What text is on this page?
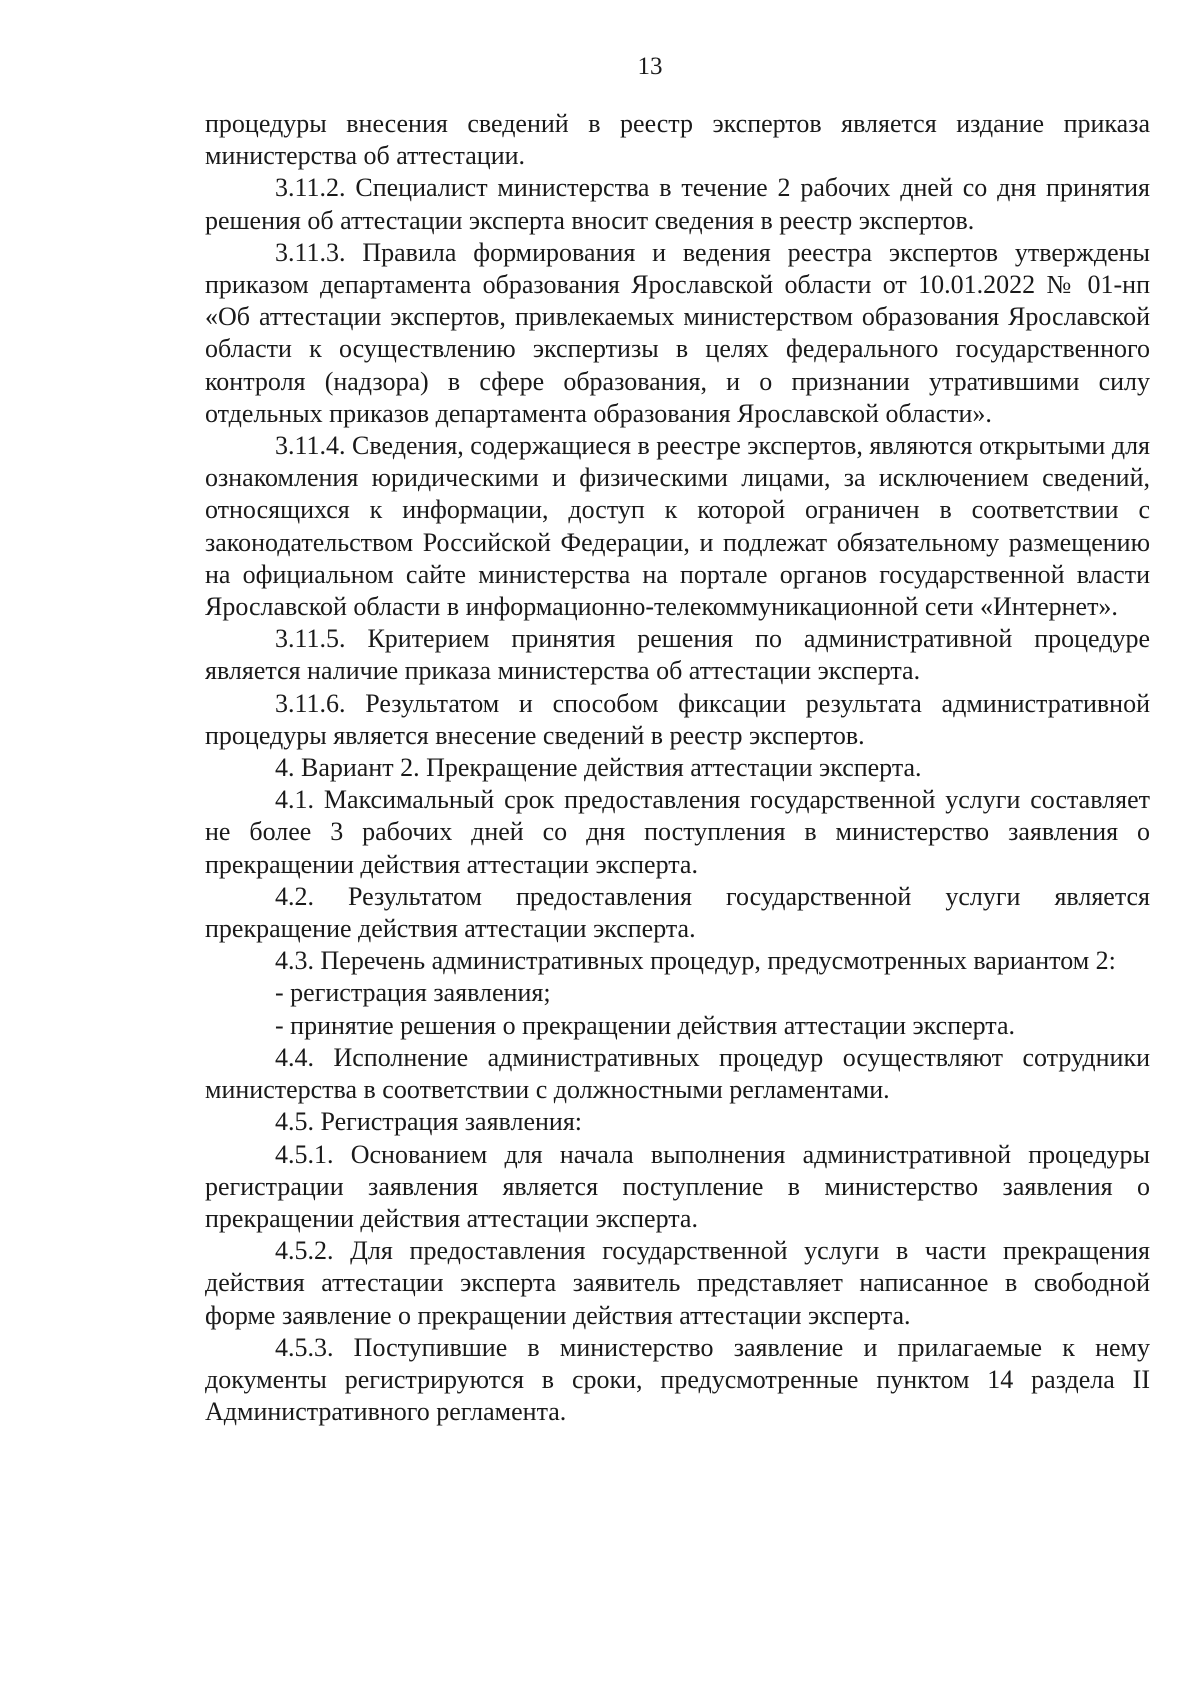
13

процедуры внесения сведений в реестр экспертов является издание приказа министерства об аттестации.

3.11.2. Специалист министерства в течение 2 рабочих дней со дня принятия решения об аттестации эксперта вносит сведения в реестр экспертов.

3.11.3. Правила формирования и ведения реестра экспертов утверждены приказом департамента образования Ярославской области от 10.01.2022 № 01-нп «Об аттестации экспертов, привлекаемых министерством образования Ярославской области к осуществлению экспертизы в целях федерального государственного контроля (надзора) в сфере образования, и о признании утратившими силу отдельных приказов департамента образования Ярославской области».

3.11.4. Сведения, содержащиеся в реестре экспертов, являются открытыми для ознакомления юридическими и физическими лицами, за исключением сведений, относящихся к информации, доступ к которой ограничен в соответствии с законодательством Российской Федерации, и подлежат обязательному размещению на официальном сайте министерства на портале органов государственной власти Ярославской области в информационно-телекоммуникационной сети «Интернет».

3.11.5. Критерием принятия решения по административной процедуре является наличие приказа министерства об аттестации эксперта.

3.11.6. Результатом и способом фиксации результата административной процедуры является внесение сведений в реестр экспертов.

4. Вариант 2. Прекращение действия аттестации эксперта.

4.1. Максимальный срок предоставления государственной услуги составляет не более 3 рабочих дней со дня поступления в министерство заявления о прекращении действия аттестации эксперта.

4.2. Результатом предоставления государственной услуги является прекращение действия аттестации эксперта.

4.3. Перечень административных процедур, предусмотренных вариантом 2:

- регистрация заявления;

- принятие решения о прекращении действия аттестации эксперта.

4.4. Исполнение административных процедур осуществляют сотрудники министерства в соответствии с должностными регламентами.

4.5. Регистрация заявления:

4.5.1. Основанием для начала выполнения административной процедуры регистрации заявления является поступление в министерство заявления о прекращении действия аттестации эксперта.

4.5.2. Для предоставления государственной услуги в части прекращения действия аттестации эксперта заявитель представляет написанное в свободной форме заявление о прекращении действия аттестации эксперта.

4.5.3. Поступившие в министерство заявление и прилагаемые к нему документы регистрируются в сроки, предусмотренные пунктом 14 раздела II Административного регламента.
